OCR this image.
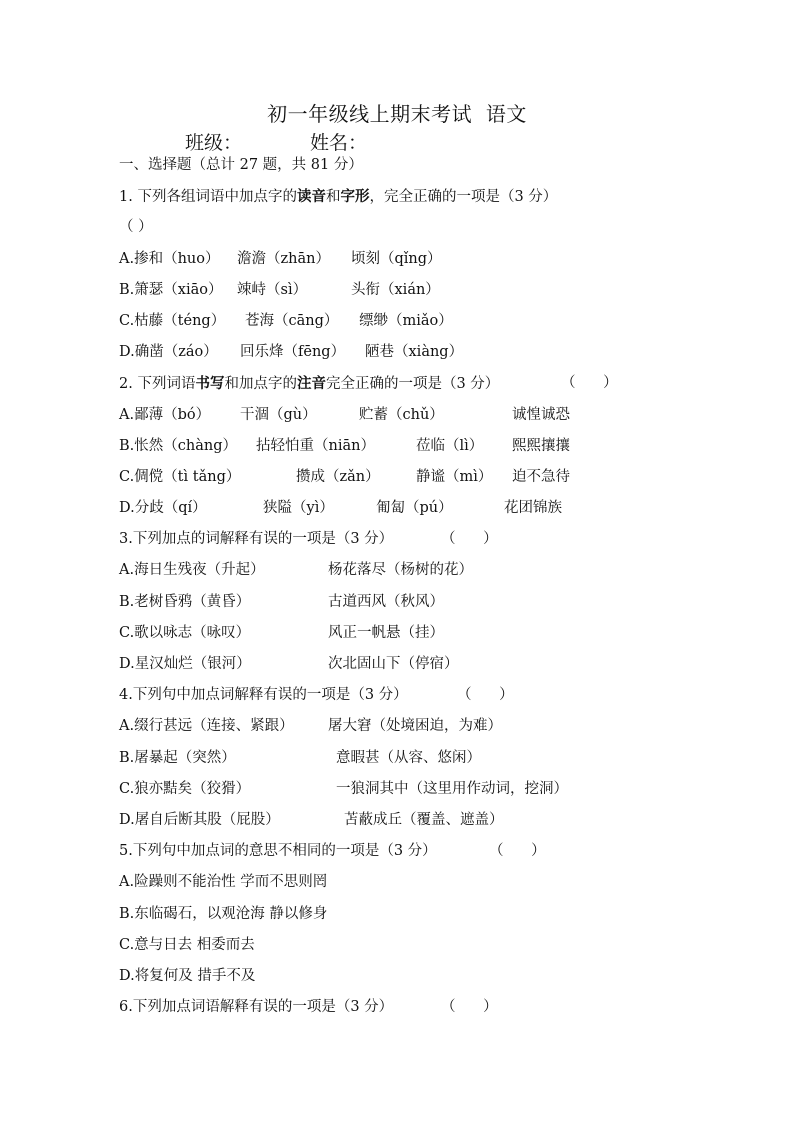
初一年级线上期末考试  语文
班级：	姓名：
一、选择题（总计 27 题，共 81 分）
1. 下列各组词语中加点字的读音和字形，完全正确的一项是（3 分）
（ ）
A.掺和（huo） 澹澹（zhān） 顷刻（qǐng）
B.箫瑟（xiāo） 竦峙（sì）	头衔（xián）
C.枯藤（téng） 苍海（cāng） 缥缈（miǎo）
D.确凿（záo） 回乐烽（fēng） 陋巷（xiàng）
2. 下列词语书写和加点字的注音完全正确的一项是（3 分）	（      ）
A.鄙薄（bó） 干涸（gù）	贮蓄（chǔ）	诚惶诚恐
B.怅然（chàng） 拈轻怕重（niān）	莅临（lì） 熙熙攘攘
C.倜傥（tì tǎng）	攒成（zǎn）	静谧（mì） 迫不急待
D.分歧（qí）	狭隘（yì）	匍匐（pú）	花团锦族
3.下列加点的词解释有误的一项是（3 分）	（      ）
A.海日生残夜（升起）	杨花落尽（杨树的花）
B.老树昏鸦（黄昏）	古道西风（秋风）
C.歌以咏志（咏叹）	风正一帆悬（挂）
D.星汉灿烂（银河）	次北固山下（停宿）
4.下列句中加点词解释有误的一项是（3 分）	（      ）
A.缀行甚远（连接、紧跟） 屠大窘（处境困迫，为难）
B.屠暴起（突然）	意暇甚（从容、悠闲）
C.狼亦黠矣（狡猾）	一狼洞其中（这里用作动词，挖洞）
D.屠自后断其股（屁股）	苫蔽成丘（覆盖、遮盖）
5.下列句中加点词的意思不相同的一项是（3 分）	（      ）
A.险躁则不能治性 学而不思则罔
B.东临碣石，以观沧海 静以修身
C.意与日去 相委而去
D.将复何及 措手不及
6.下列加点词语解释有误的一项是（3 分）	（      ）
